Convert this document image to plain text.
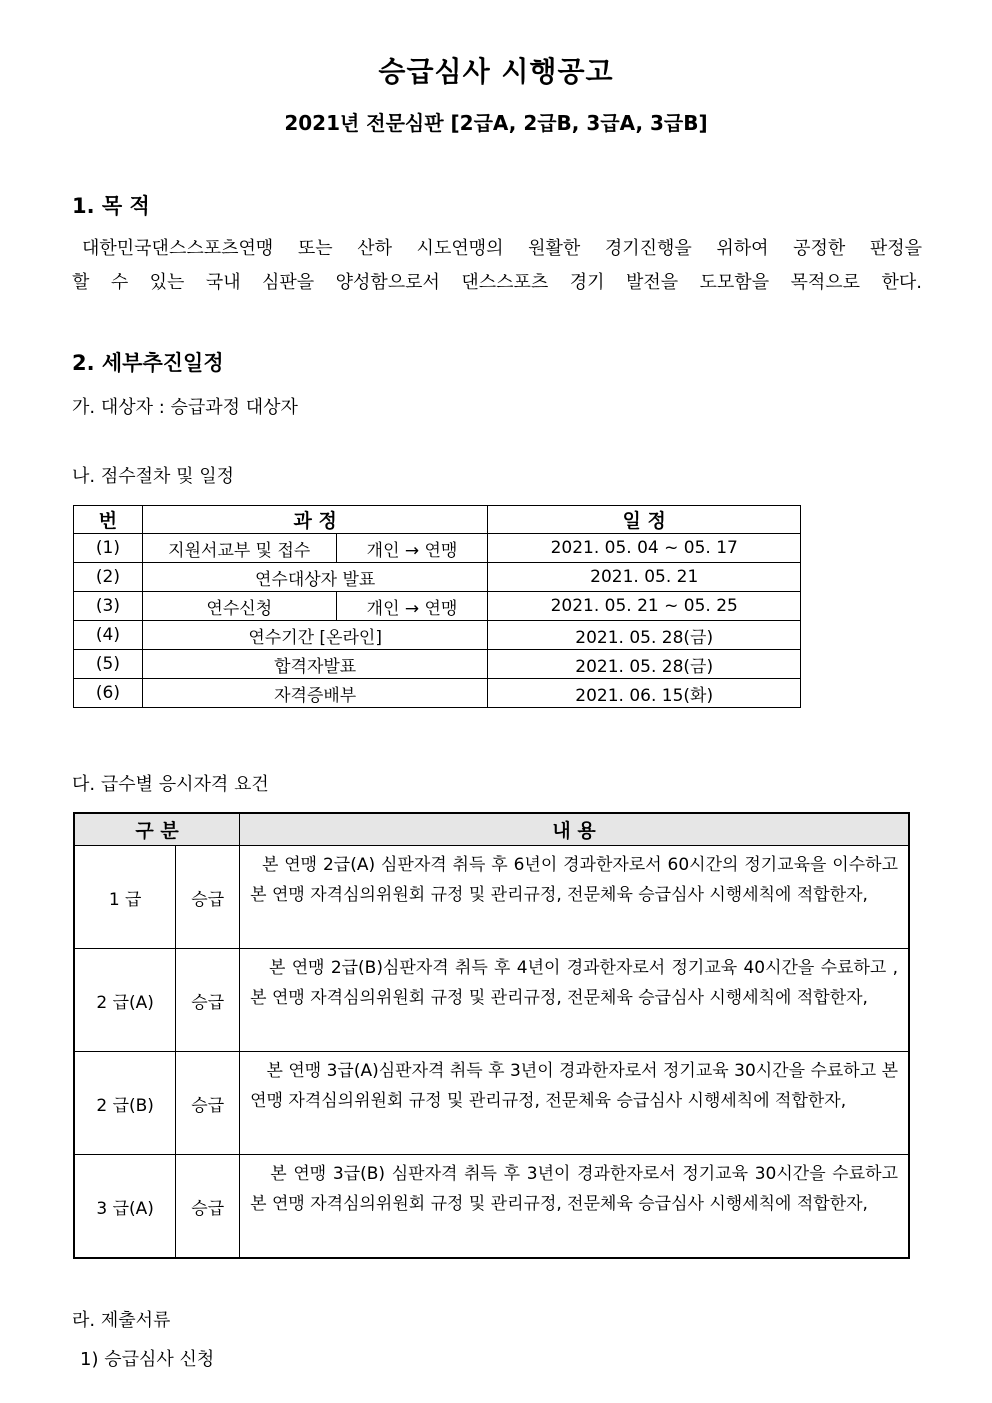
승급심사 시행공고
2021년 전문심판 [2급A, 2급B, 3급A, 3급B]
1. 목 적
대한민국댄스스포츠연맹 또는 산하 시도연맹의 원활한 경기진행을 위하여 공정한 판정을
할 수 있는 국내 심판을 양성함으로서 댄스스포츠 경기 발전을 도모함을 목적으로 한다.
2. 세부추진일정
가. 대상자 : 승급과정 대상자
나. 점수절차 및 일정
번	과 정		일 정
(1)	지원서교부 및 접수	개인 → 연맹	2021. 05. 04 ~ 05. 17
(2)	연수대상자 발표		2021. 05. 21
(3)	연수신청	개인 → 연맹	2021. 05. 21 ~ 05. 25
(4)	연수기간 [온라인]		2021. 05. 28(금)
(5)	합격자발표		2021. 05. 28(금)
(6)	자격증배부		2021. 06. 15(화)
다. 급수별 응시자격 요건
구 분		내 용
1 급	승급	본 연맹 2급(A) 심판자격 취득 후 6년이 경과한자로서 60시간의 정기교육을 이수하고 본 연맹 자격심의위원회 규정 및 관리규정, 전문체육 승급심사 시행세칙에 적합한자,
2 급(A)	승급	본 연맹 2급(B)심판자격 취득 후 4년이 경과한자로서 정기교육 40시간을 수료하고 , 본 연맹 자격심의위원회 규정 및 관리규정, 전문체육 승급심사 시행세칙에 적합한자,
2 급(B)	승급	본 연맹 3급(A)심판자격 취득 후 3년이 경과한자로서 정기교육 30시간을 수료하고 본 연맹 자격심의위원회 규정 및 관리규정, 전문체육 승급심사 시행세칙에 적합한자,
3 급(A)	승급	본 연맹 3급(B) 심판자격 취득 후 3년이 경과한자로서 정기교육 30시간을 수료하고 본 연맹 자격심의위원회 규정 및 관리규정, 전문체육 승급심사 시행세칙에 적합한자,
라. 제출서류
1) 승급심사 신청
